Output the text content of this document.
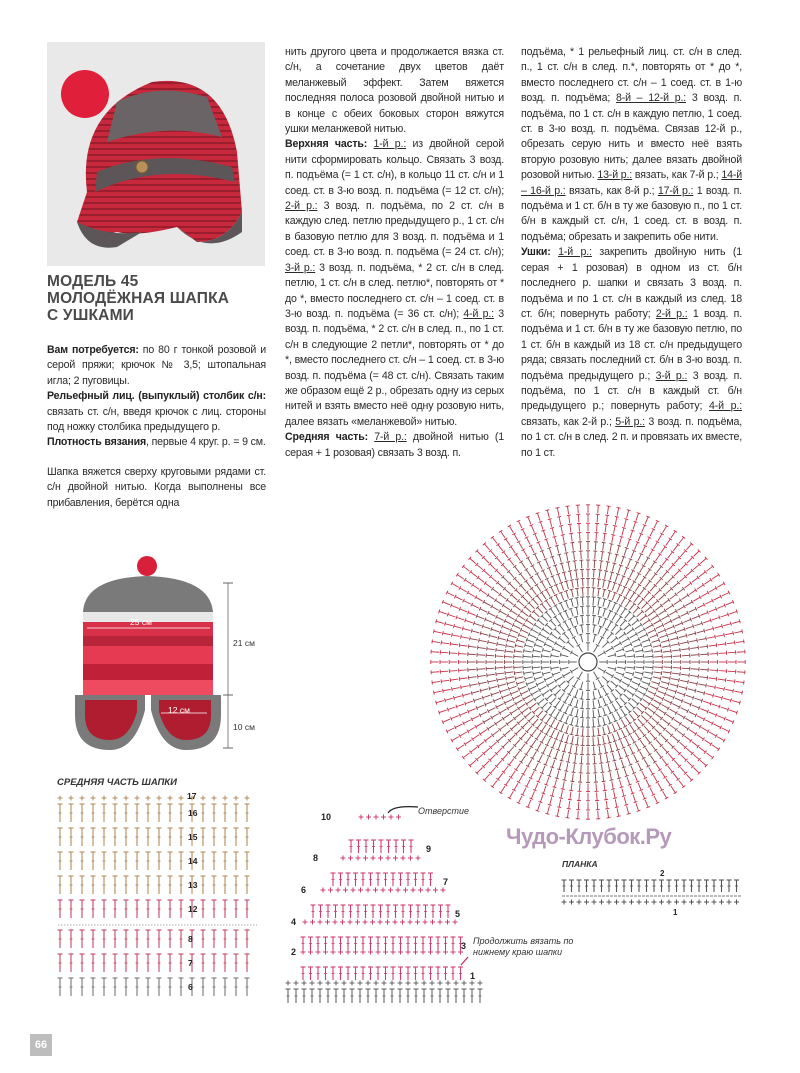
МОДЕЛЬ 45
МОЛОДЁЖНАЯ ШАПКА
С УШКАМИ

Вам потребуется: по 80 г тонкой розовой и серой пряжи; крючок № 3,5; штопальная игла; 2 пуговицы.

Рельефный лиц. (выпуклый) столбик с/н: связать ст. с/н, введя крючок с лиц. стороны под ножку столбика предыдущего р.

Плотность вязания, первые 4 круг. р. = 9 см.

Шапка вяжется сверху круговыми рядами ст. с/н двойной нитью. Когда выполнены все прибавления, берётся одна

нить другого цвета и продолжается вязка ст. с/н, а сочетание двух цветов даёт меланжевый эффект. Затем вяжется последняя полоса розовой двойной нитью и в конце с обеих боковых сторон вяжутся ушки меланжевой нитью.

Верхняя часть: 1-й р.: из двойной серой нити сформировать кольцо. Связать 3 возд. п. подъёма (= 1 ст. с/н), в кольцо 11 ст. с/н и 1 соед. ст. в 3-ю возд. п. подъёма (= 12 ст. с/н); 2-й р.: 3 возд. п. подъёма, по 2 ст. с/н в каждую след. петлю предыдущего р., 1 ст. с/н в базовую петлю для 3 возд. п. подъёма и 1 соед. ст. в 3-ю возд. п. подъёма (= 24 ст. с/н); 3-й р.: 3 возд. п. подъёма, * 2 ст. с/н в след. петлю, 1 ст. с/н в след. петлю*, повторять от * до *, вместо последнего ст. с/н – 1 соед. ст. в 3-ю возд. п. подъёма (= 36 ст. с/н); 4-й р.: 3 возд. п. подъёма, * 2 ст. с/н в след. п., по 1 ст. с/н в следующие 2 петли*, повторять от * до *, вместо последнего ст. с/н – 1 соед. ст. в 3-ю возд. п. подъёма (= 48 ст. с/н). Связать таким же образом ещё 2 р., обрезать одну из серых нитей и взять вместо неё одну розовую нить, далее вязать «меланжевой» нитью.

Средняя часть: 7-й р.: двойной нитью (1 серая + 1 розовая) связать 3 возд. п.

подъёма, * 1 рельефный лиц. ст. с/н в след. п., 1 ст. с/н в след. п.*, повторять от * до *, вместо последнего ст. с/н – 1 соед. ст. в 1-ю возд. п. подъёма; 8-й – 12-й р.: 3 возд. п. подъёма, по 1 ст. с/н в каждую петлю, 1 соед. ст. в 3-ю возд. п. подъёма. Связав 12-й р., обрезать серую нить и вместо неё взять вторую розовую нить; далее вязать двойной розовой нитью. 13-й р.: вязать, как 7-й р.; 14-й – 16-й р.: вязать, как 8-й р.; 17-й р.: 1 возд. п. подъёма и 1 ст. б/н в ту же базовую п., по 1 ст. б/н в каждый ст. с/н, 1 соед. ст. в возд. п. подъёма; обрезать и закрепить обе нити.

Ушки: 1-й р.: закрепить двойную нить (1 серая + 1 розовая) в одном из ст. б/н последнего р. шапки и связать 3 возд. п. подъёма и по 1 ст. с/н в каждый из след. 18 ст. б/н; повернуть работу; 2-й р.: 1 возд. п. подъёма и 1 ст. б/н в ту же базовую петлю, по 1 ст. б/н в каждый из 18 ст. с/н предыдущего ряда; связать последний ст. б/н в 3-ю возд. п. подъёма предыдущего р.; 3-й р.: 3 возд. п. подъёма, по 1 ст. с/н в каждый ст. б/н предыдущего р.; повернуть работу; 4-й р.: связать, как 2-й р.; 5-й р.: 3 возд. п. подъёма, по 1 ст. с/н в след. 2 п. и провязать их вместе, по 1 ст.

25 см
12 см
21 см
10 см
СРЕДНЯЯ ЧАСТЬ ШАПКИ
17
16
15
14
13
12
8
7
6
1
2
3
4
5
6
7
8
9
10
Отверстие
Продолжить вязать по нижнему краю шапки
Чудо-Клубок.Ру
ПЛАНКА
2
1
66
